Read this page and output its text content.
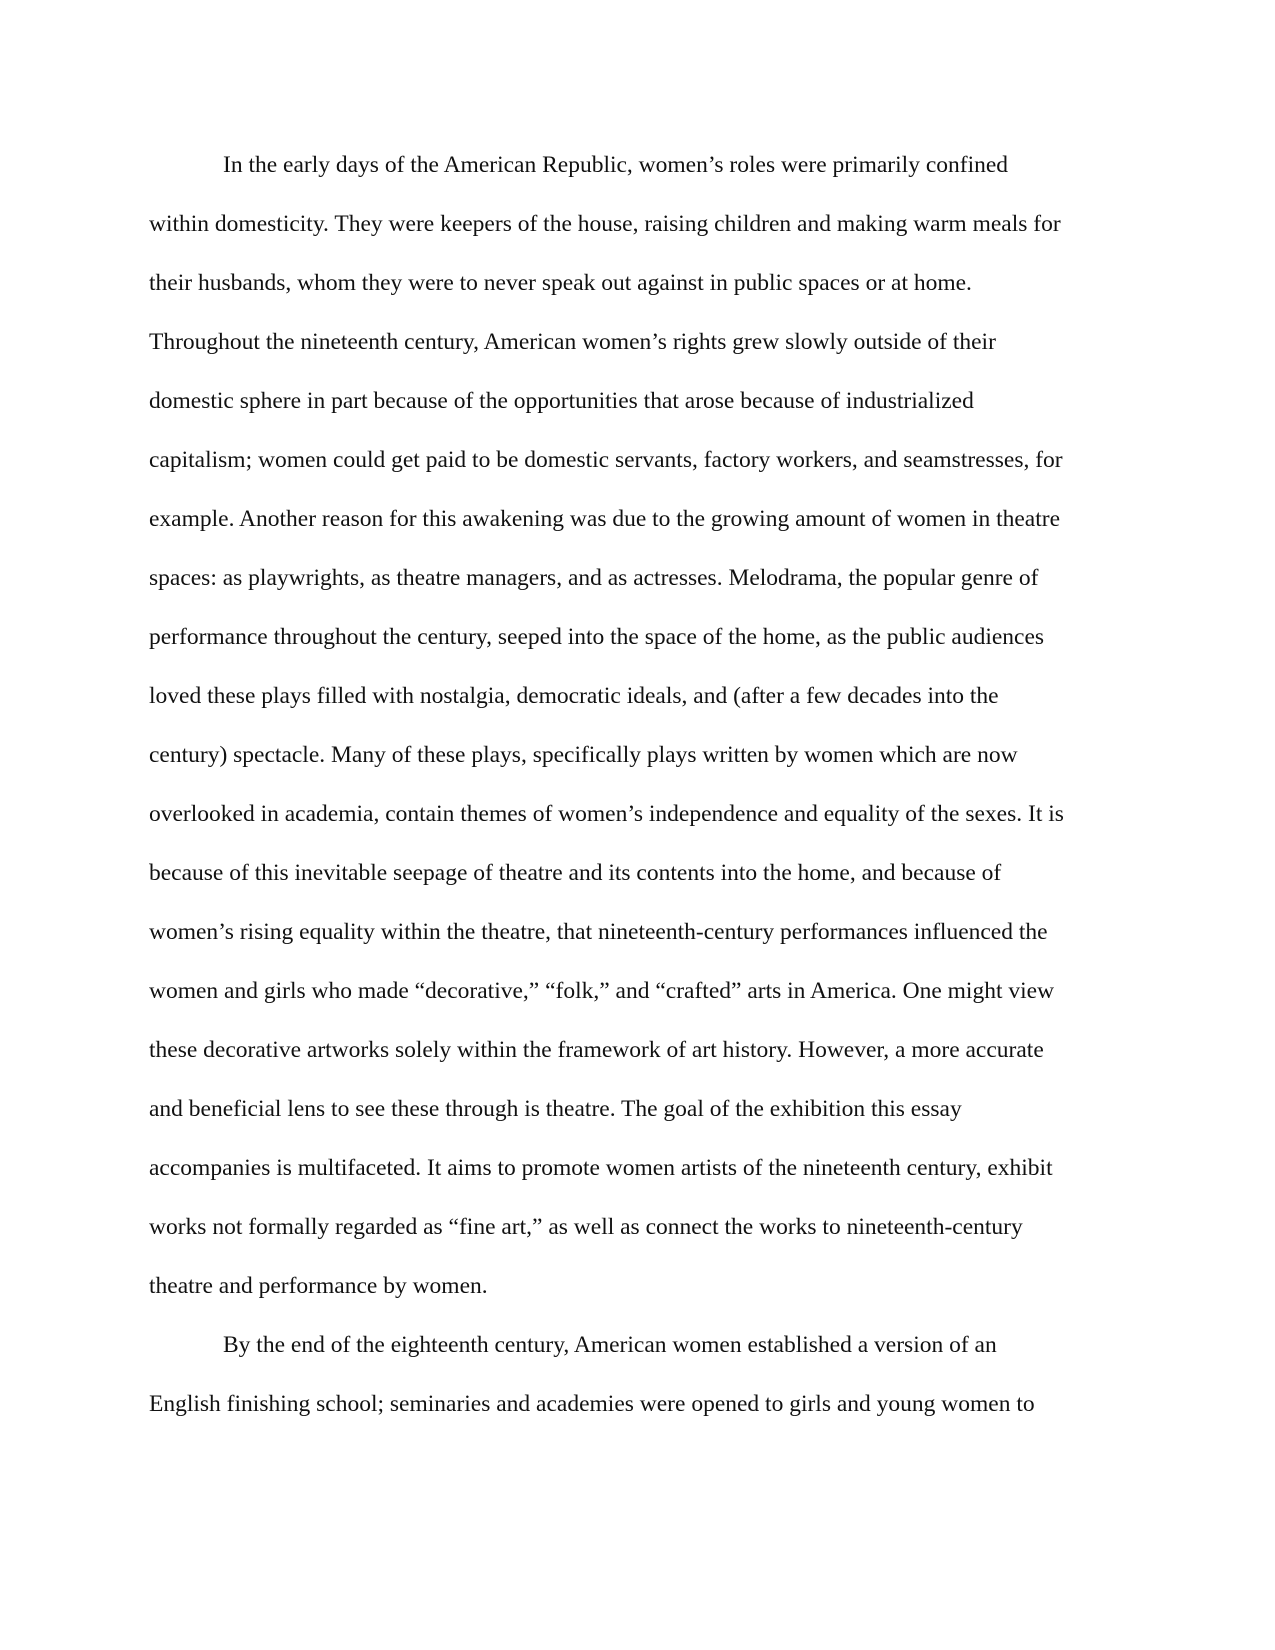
In the early days of the American Republic, women’s roles were primarily confined
within domesticity. They were keepers of the house, raising children and making warm meals for
their husbands, whom they were to never speak out against in public spaces or at home.
Throughout the nineteenth century, American women’s rights grew slowly outside of their
domestic sphere in part because of the opportunities that arose because of industrialized
capitalism; women could get paid to be domestic servants, factory workers, and seamstresses, for
example. Another reason for this awakening was due to the growing amount of women in theatre
spaces: as playwrights, as theatre managers, and as actresses. Melodrama, the popular genre of
performance throughout the century, seeped into the space of the home, as the public audiences
loved these plays filled with nostalgia, democratic ideals, and (after a few decades into the
century) spectacle. Many of these plays, specifically plays written by women which are now
overlooked in academia, contain themes of women’s independence and equality of the sexes. It is
because of this inevitable seepage of theatre and its contents into the home, and because of
women’s rising equality within the theatre, that nineteenth-century performances influenced the
women and girls who made “decorative,” “folk,” and “crafted” arts in America. One might view
these decorative artworks solely within the framework of art history. However, a more accurate
and beneficial lens to see these through is theatre. The goal of the exhibition this essay
accompanies is multifaceted. It aims to promote women artists of the nineteenth century, exhibit
works not formally regarded as “fine art,” as well as connect the works to nineteenth-century
theatre and performance by women.
By the end of the eighteenth century, American women established a version of an
English finishing school; seminaries and academies were opened to girls and young women to
